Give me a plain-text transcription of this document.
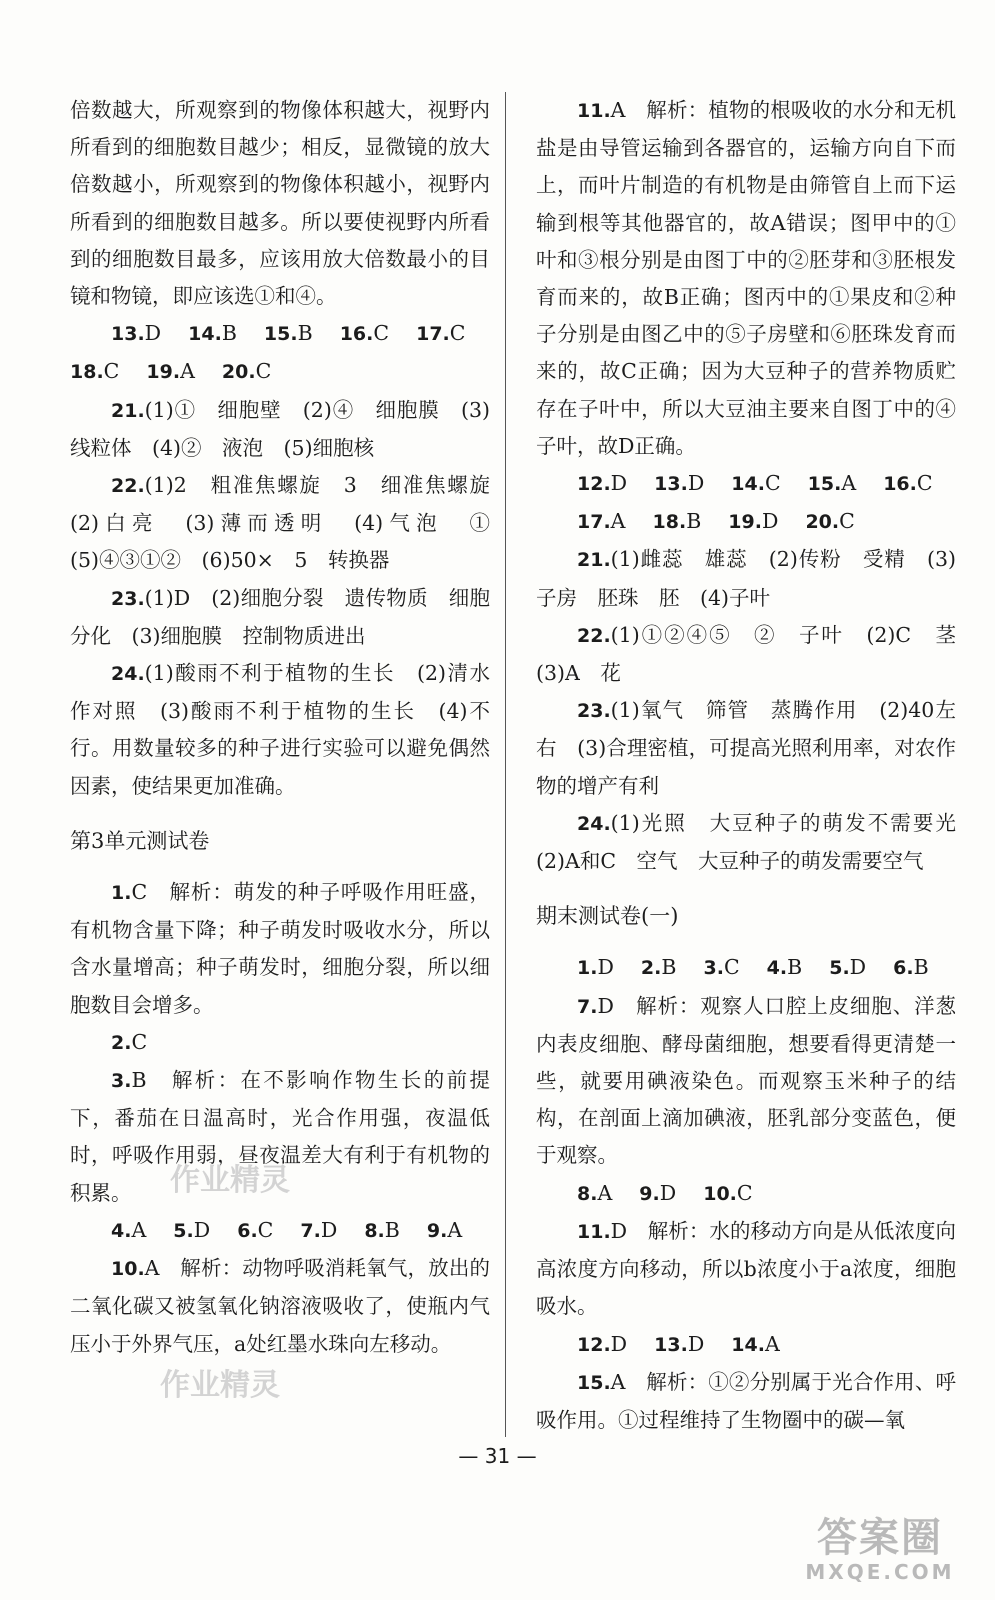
倍数越大，所观察到的物像体积越大，视野内所看到的细胞数目越少；相反，显微镜的放大倍数越小，所观察到的物像体积越小，视野内所看到的细胞数目越多。所以要使视野内所看到的细胞数目最多，应该用放大倍数最小的目镜和物镜，即应该选①和④。

13.D　 14.B　 15.B　 16.C　 17.C

18.C　 19.A　 20.C

21.(1)①　细胞壁　(2)④　细胞膜　(3)线粒体　(4)②　液泡　(5)细胞核

22.(1)2　粗准焦螺旋　3　细准焦螺旋　(2)白亮　(3)薄而透明　(4)气泡　①　(5)④③①②　(6)50×　5　转换器

23.(1)D　(2)细胞分裂　遗传物质　细胞分化　(3)细胞膜　控制物质进出

24.(1)酸雨不利于植物的生长　(2)清水　作对照　(3)酸雨不利于植物的生长　(4)不行。用数量较多的种子进行实验可以避免偶然因素，使结果更加准确。

第3单元测试卷

1.C　解析：萌发的种子呼吸作用旺盛，有机物含量下降；种子萌发时吸收水分，所以含水量增高；种子萌发时，细胞分裂，所以细胞数目会增多。

2.C

3.B　解析：在不影响作物生长的前提下，番茄在日温高时，光合作用强，夜温低时，呼吸作用弱，昼夜温差大有利于有机物的积累。

4.A　 5.D　 6.C　 7.D　 8.B　 9.A

10.A　解析：动物呼吸消耗氧气，放出的二氧化碳又被氢氧化钠溶液吸收了，使瓶内气压小于外界气压，a处红墨水珠向左移动。

11.A　解析：植物的根吸收的水分和无机盐是由导管运输到各器官的，运输方向自下而上，而叶片制造的有机物是由筛管自上而下运输到根等其他器官的，故A错误；图甲中的①叶和③根分别是由图丁中的②胚芽和③胚根发育而来的，故B正确；图丙中的①果皮和②种子分别是由图乙中的⑤子房壁和⑥胚珠发育而来的，故C正确；因为大豆种子的营养物质贮存在子叶中，所以大豆油主要来自图丁中的④子叶，故D正确。

12.D　 13.D　 14.C　 15.A　 16.C

17.A　 18.B　 19.D　 20.C

21.(1)雌蕊　雄蕊　(2)传粉　受精　(3)子房　胚珠　胚　(4)子叶

22.(1)①②④⑤　②　子叶　(2)C　茎　(3)A　花

23.(1)氧气　筛管　蒸腾作用　(2)40左右　(3)合理密植，可提高光照利用率，对农作物的增产有利

24.(1)光照　大豆种子的萌发不需要光　(2)A和C　空气　大豆种子的萌发需要空气

期末测试卷(一)

1.D　 2.B　 3.C　 4.B　 5.D　 6.B

7.D　解析：观察人口腔上皮细胞、洋葱内表皮细胞、酵母菌细胞，想要看得更清楚一些，就要用碘液染色。而观察玉米种子的结构，在剖面上滴加碘液，胚乳部分变蓝色，便于观察。

8.A　 9.D　 10.C

11.D　解析：水的移动方向是从低浓度向高浓度方向移动，所以b浓度小于a浓度，细胞吸水。

12.D　 13.D　 14.A

15.A　解析：①②分别属于光合作用、呼吸作用。①过程维持了生物圈中的碳—氧

— 31 —
作业精灵
作业精灵
答案圈
MXQE.COM
